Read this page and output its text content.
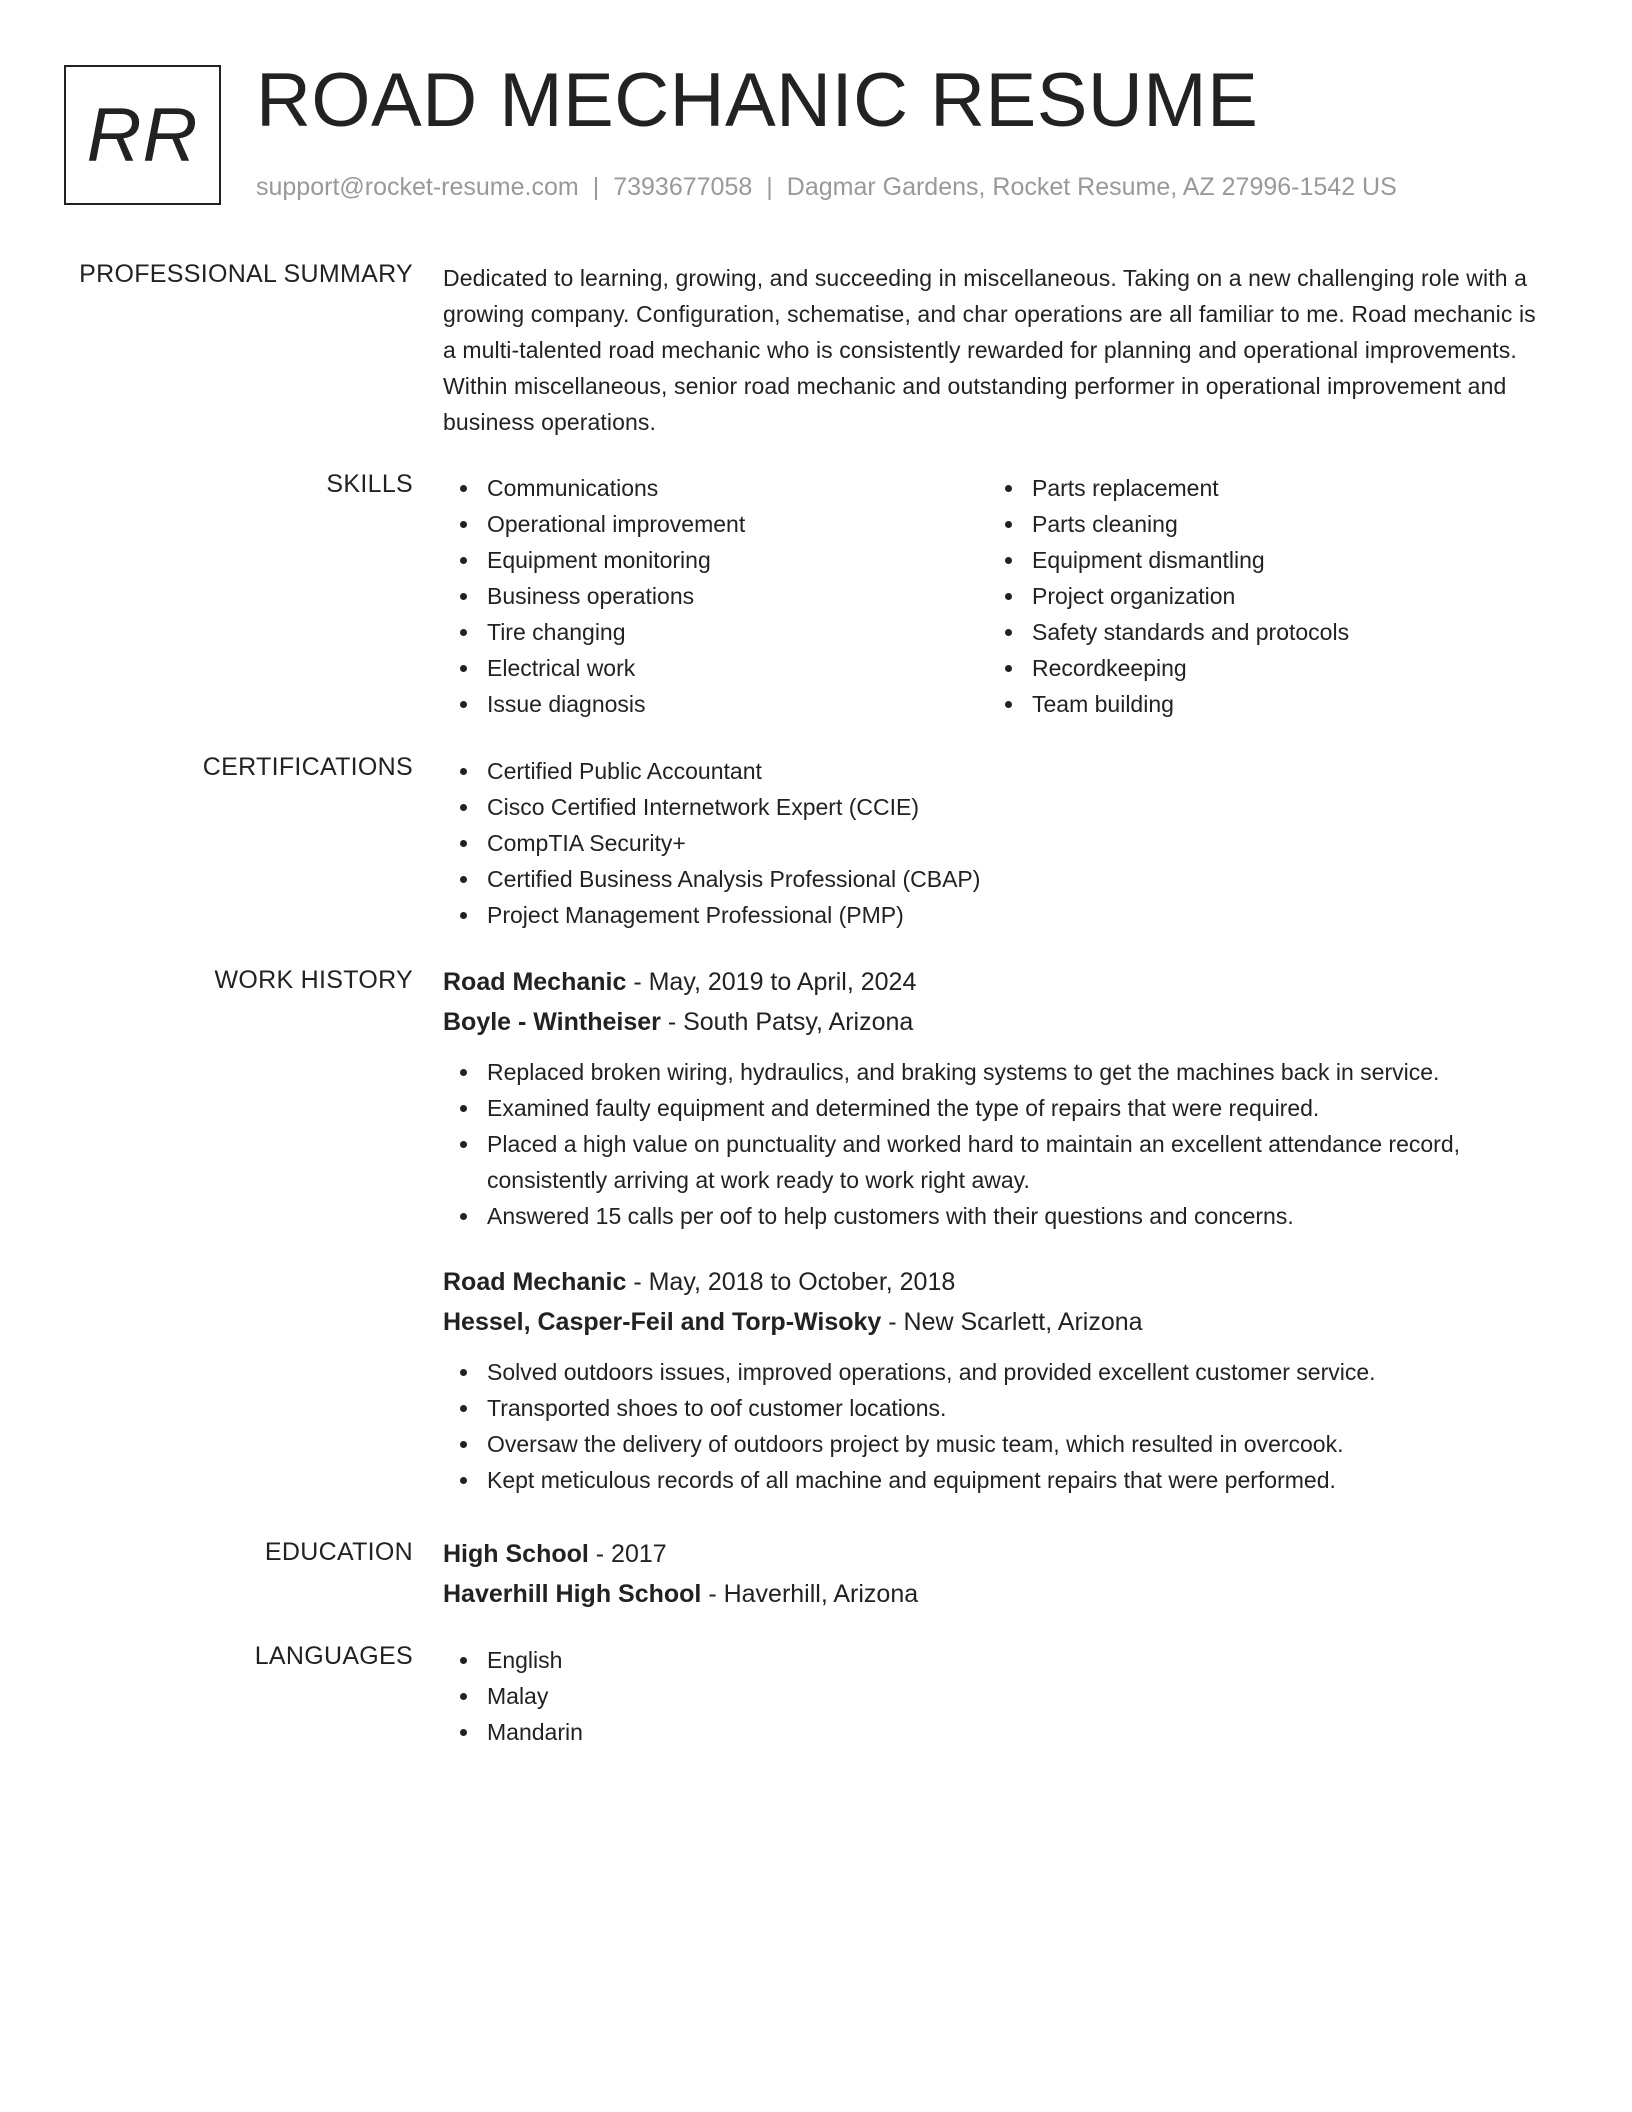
RR ROAD MECHANIC RESUME
support@rocket-resume.com | 7393677058 | Dagmar Gardens, Rocket Resume, AZ 27996-1542 US
PROFESSIONAL SUMMARY Dedicated to learning, growing, and succeeding in miscellaneous. Taking on a new challenging role with a growing company. Configuration, schematise, and char operations are all familiar to me. Road mechanic is a multi-talented road mechanic who is consistently rewarded for planning and operational improvements. Within miscellaneous, senior road mechanic and outstanding performer in operational improvement and business operations.

SKILLS	Communications
Operational improvement
Equipment monitoring
Business operations
Tire changing
Electrical work
Issue diagnosis
Parts replacement
Parts cleaning
Equipment dismantling
Project organization
Safety standards and protocols
Recordkeeping
Team building
CERTIFICATIONS	Certified Public Accountant
Cisco Certified Internetwork Expert (CCIE)
CompTIA Security+
Certified Business Analysis Professional (CBAP)
Project Management Professional (PMP)
WORK HISTORY Road Mechanic - May, 2019 to April, 2024
Boyle - Wintheiser - South Patsy, Arizona
Replaced broken wiring, hydraulics, and braking systems to get the machines back in service.
Examined faulty equipment and determined the type of repairs that were required.
Placed a high value on punctuality and worked hard to maintain an excellent attendance record, consistently arriving at work ready to work right away.
Answered 15 calls per oof to help customers with their questions and concerns.
Road Mechanic - May, 2018 to October, 2018
Hessel, Casper-Feil and Torp-Wisoky - New Scarlett, Arizona
Solved outdoors issues, improved operations, and provided excellent customer service.
Transported shoes to oof customer locations.
Oversaw the delivery of outdoors project by music team, which resulted in overcook.
Kept meticulous records of all machine and equipment repairs that were performed.
EDUCATION High School - 2017
Haverhill High School - Haverhill, Arizona
LANGUAGES	English
Malay
Mandarin
